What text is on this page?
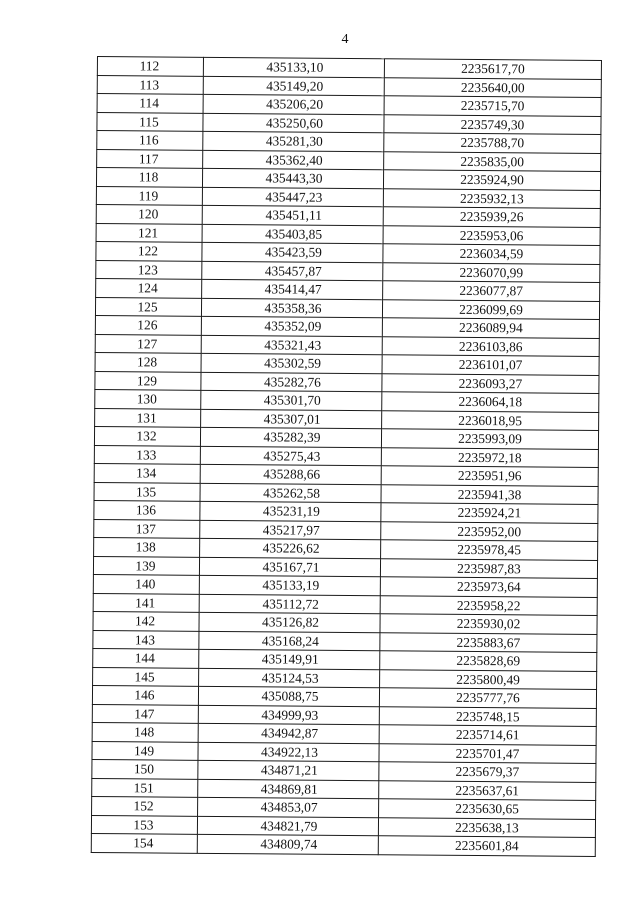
4
112	435133,10	2235617,70
113	435149,20	2235640,00
114	435206,20	2235715,70
115	435250,60	2235749,30
116	435281,30	2235788,70
117	435362,40	2235835,00
118	435443,30	2235924,90
119	435447,23	2235932,13
120	435451,11	2235939,26
121	435403,85	2235953,06
122	435423,59	2236034,59
123	435457,87	2236070,99
124	435414,47	2236077,87
125	435358,36	2236099,69
126	435352,09	2236089,94
127	435321,43	2236103,86
128	435302,59	2236101,07
129	435282,76	2236093,27
130	435301,70	2236064,18
131	435307,01	2236018,95
132	435282,39	2235993,09
133	435275,43	2235972,18
134	435288,66	2235951,96
135	435262,58	2235941,38
136	435231,19	2235924,21
137	435217,97	2235952,00
138	435226,62	2235978,45
139	435167,71	2235987,83
140	435133,19	2235973,64
141	435112,72	2235958,22
142	435126,82	2235930,02
143	435168,24	2235883,67
144	435149,91	2235828,69
145	435124,53	2235800,49
146	435088,75	2235777,76
147	434999,93	2235748,15
148	434942,87	2235714,61
149	434922,13	2235701,47
150	434871,21	2235679,37
151	434869,81	2235637,61
152	434853,07	2235630,65
153	434821,79	2235638,13
154	434809,74	2235601,84
